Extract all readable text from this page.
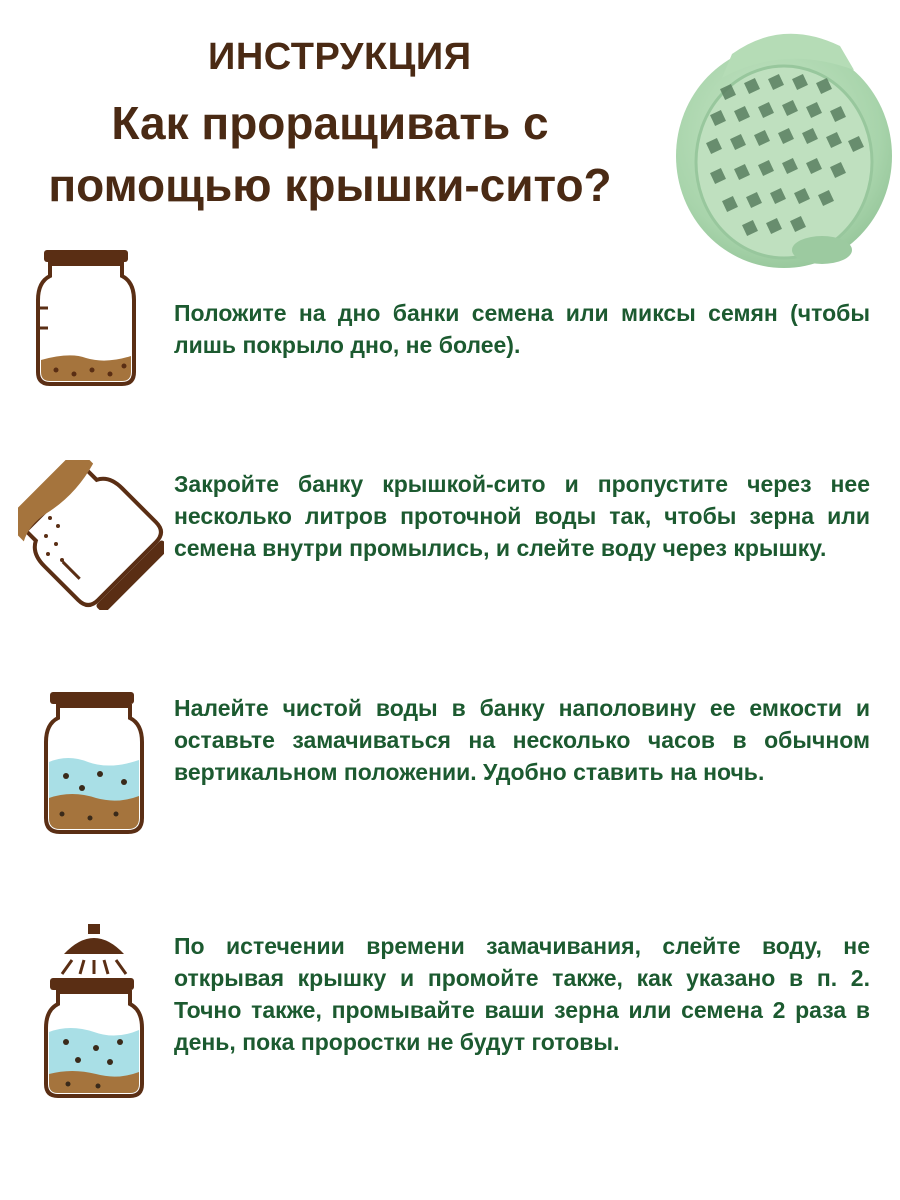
ИНСТРУКЦИЯ
Как проращивать с помощью крышки-сито?
Положите на дно банки семена или миксы семян (чтобы лишь покрыло дно, не более).
Закройте банку крышкой-сито и пропустите через нее несколько литров проточной воды так, чтобы зерна или семена внутри промылись, и слейте воду через крышку.
Налейте чистой воды в банку наполовину ее емкости и оставьте замачиваться на несколько часов в обычном вертикальном положении. Удобно ставить на ночь.
По истечении времени замачивания, слейте воду, не открывая крышку и промойте также, как указано в п. 2. Точно также, промывайте ваши зерна или семена 2 раза в день, пока проростки не будут готовы.
